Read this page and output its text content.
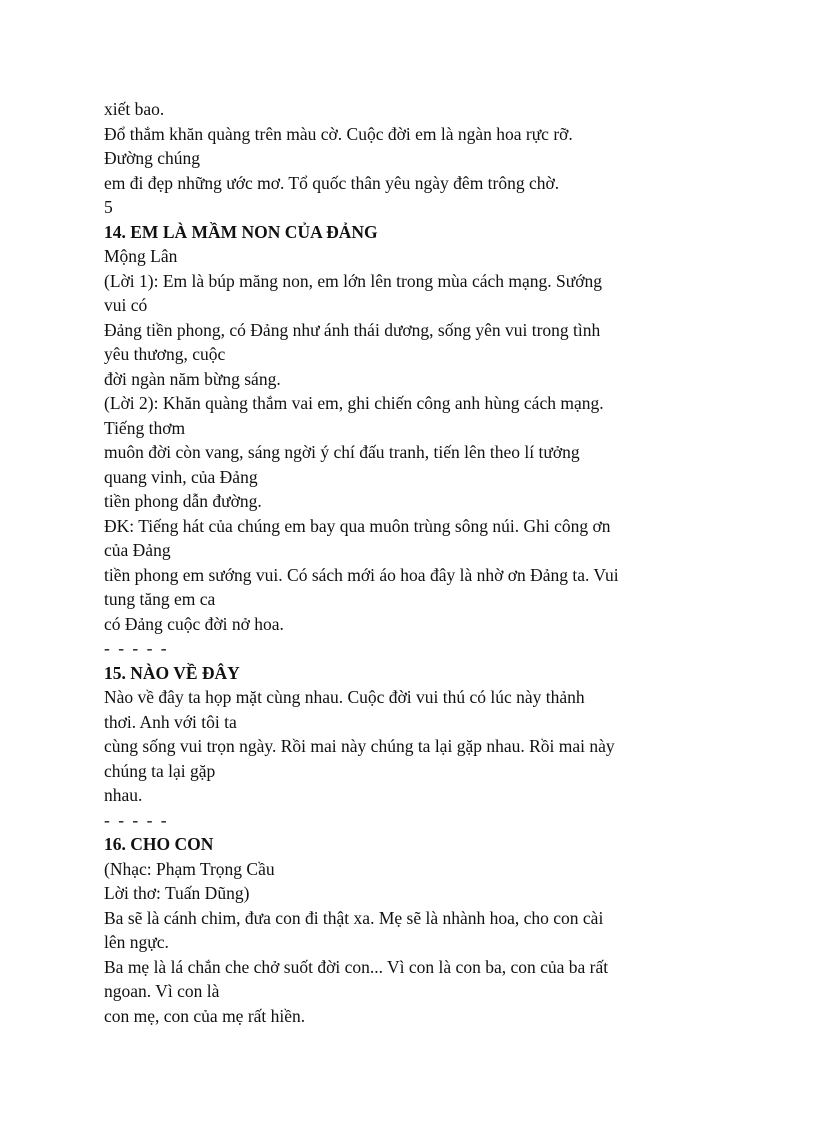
xiết bao.
Đổ thắm khăn quàng trên màu cờ. Cuộc đời em là ngàn hoa rực rỡ.
Đường chúng
em đi đẹp những ước mơ. Tổ quốc thân yêu ngày đêm trông chờ.
5
14. EM LÀ MẦM NON CỦA ĐẢNG
Mộng Lân
(Lời 1): Em là búp măng non, em lớn lên trong mùa cách mạng. Sướng
vui có
Đảng tiền phong, có Đảng như ánh thái dương, sống yên vui trong tình
yêu thương, cuộc
đời ngàn năm bừng sáng.
(Lời 2): Khăn quàng thắm vai em, ghi chiến công anh hùng cách mạng.
Tiếng thơm
muôn đời còn vang, sáng ngời ý chí đấu tranh, tiến lên theo lí tưởng
quang vinh, của Đảng
tiền phong dẫn đường.
ĐK: Tiếng hát của chúng em bay qua muôn trùng sông núi. Ghi công ơn
của Đảng
tiền phong em sướng vui. Có sách mới áo hoa đây là nhờ ơn Đảng ta. Vui
tung tăng em ca
có Đảng cuộc đời nở hoa.
- - - - -
15. NÀO VỀ ĐÂY
Nào về đây ta họp mặt cùng nhau. Cuộc đời vui thú có lúc này thảnh
thơi. Anh với tôi ta
cùng sống vui trọn ngày. Rồi mai này chúng ta lại gặp nhau. Rồi mai này
chúng ta lại gặp
nhau.
- - - - -
16. CHO CON
(Nhạc: Phạm Trọng Cầu
Lời thơ: Tuấn Dũng)
Ba sẽ là cánh chim, đưa con đi thật xa. Mẹ sẽ là nhành hoa, cho con cài
lên ngực.
Ba mẹ là lá chắn che chở suốt đời con... Vì con là con ba, con của ba rất
ngoan. Vì con là
con mẹ, con của mẹ rất hiền.
